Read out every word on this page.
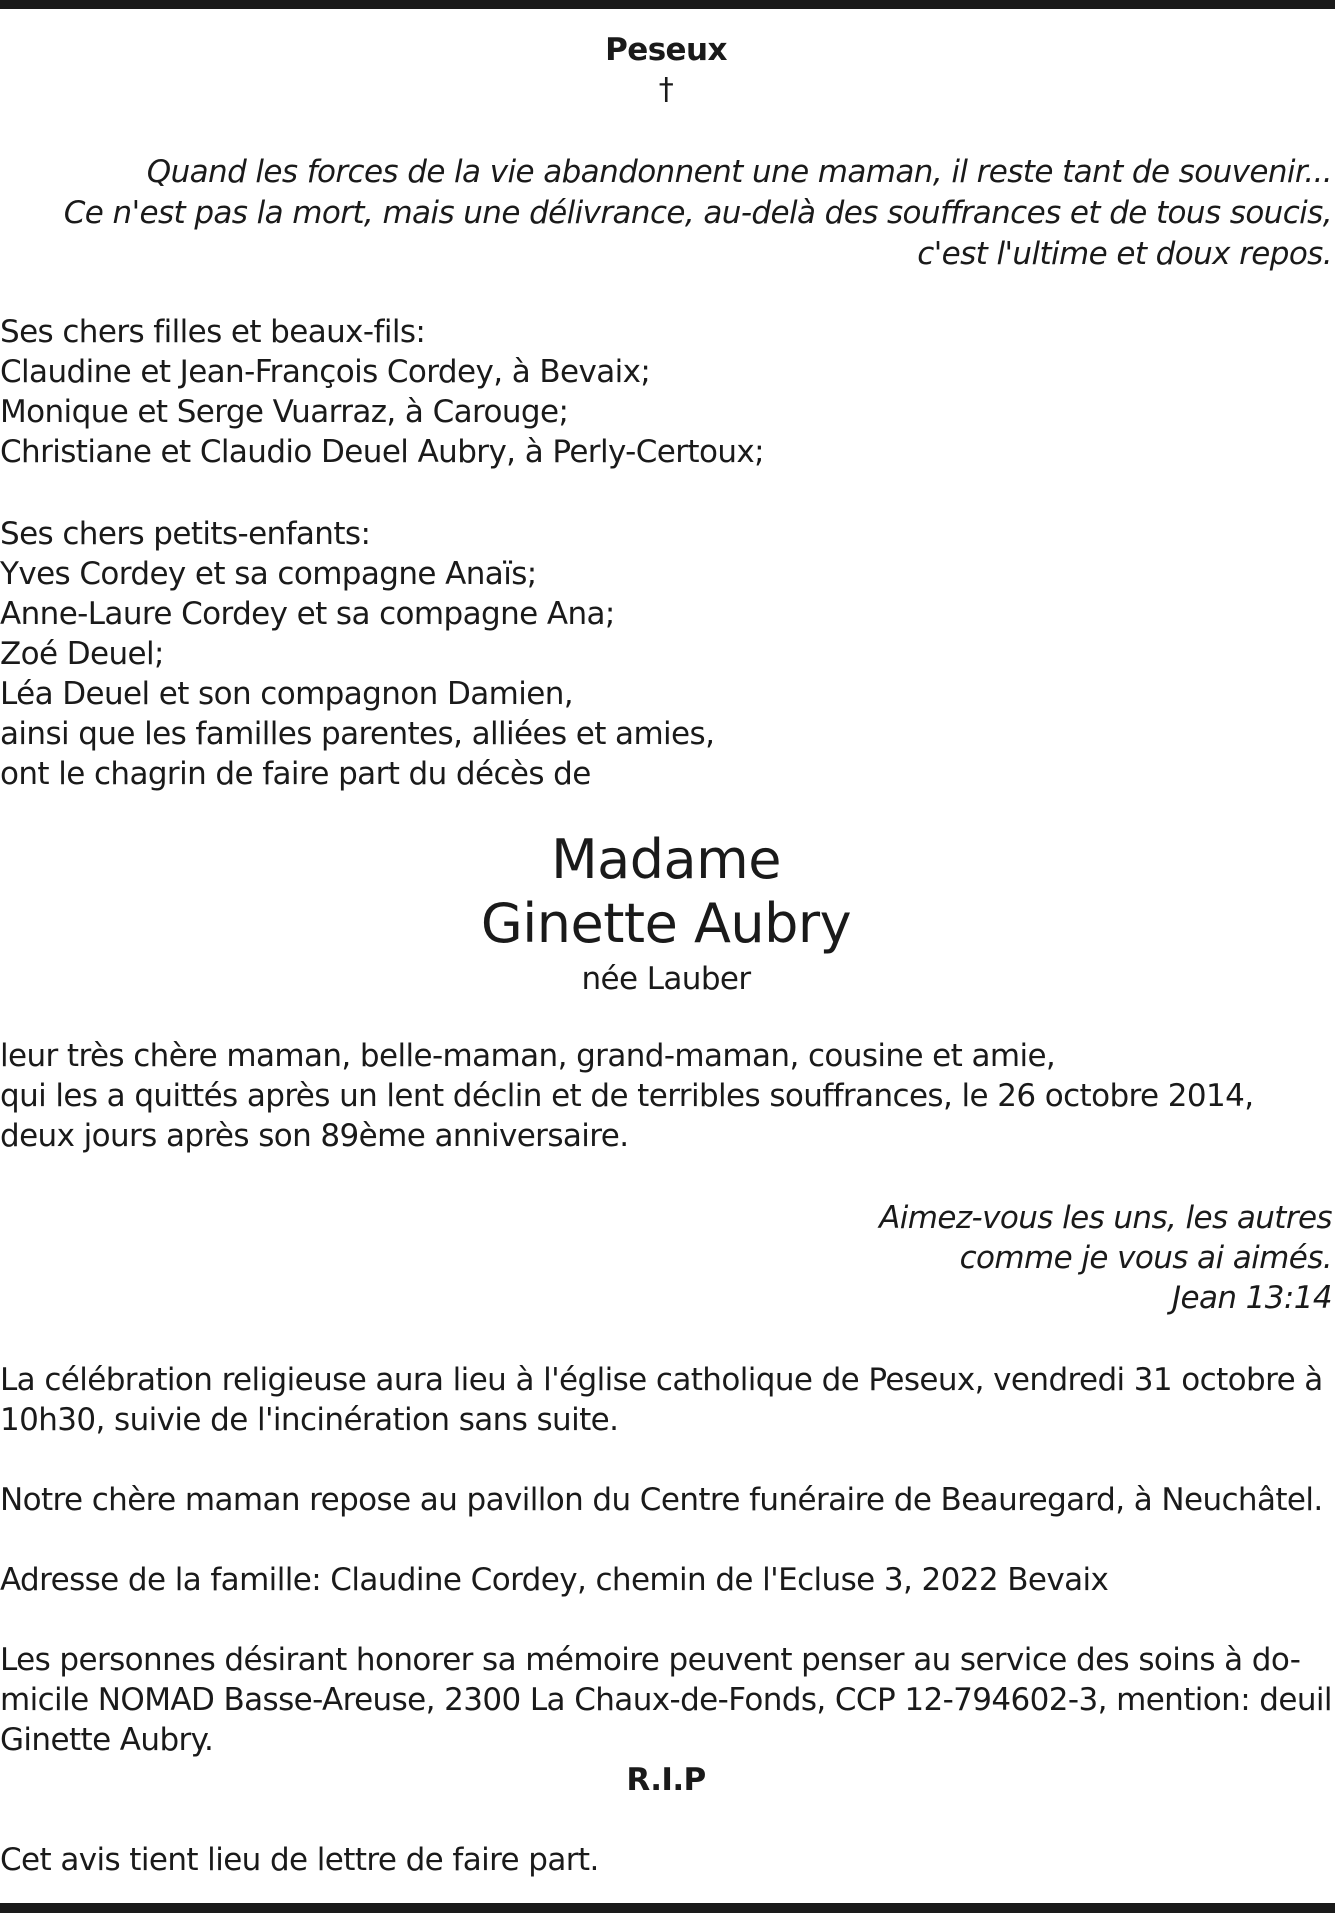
Peseux
†
Quand les forces de la vie abandonnent une maman, il reste tant de souvenir...
Ce n'est pas la mort, mais une délivrance, au-delà des souffrances et de tous soucis,
c'est l'ultime et doux repos.
Ses chers filles et beaux-fils:
Claudine et Jean-François Cordey, à Bevaix;
Monique et Serge Vuarraz, à Carouge;
Christiane et Claudio Deuel Aubry, à Perly-Certoux;
Ses chers petits-enfants:
Yves Cordey et sa compagne Anaïs;
Anne-Laure Cordey et sa compagne Ana;
Zoé Deuel;
Léa Deuel et son compagnon Damien,
ainsi que les familles parentes, alliées et amies,
ont le chagrin de faire part du décès de
Madame
Ginette Aubry
née Lauber
leur très chère maman, belle-maman, grand-maman, cousine et amie,
qui les a quittés après un lent déclin et de terribles souffrances, le 26 octobre 2014,
deux jours après son 89ème anniversaire.
Aimez-vous les uns, les autres
comme je vous ai aimés.
Jean 13:14
La célébration religieuse aura lieu à l'église catholique de Peseux, vendredi 31 octobre à
10h30, suivie de l'incinération sans suite.
Notre chère maman repose au pavillon du Centre funéraire de Beauregard, à Neuchâtel.
Adresse de la famille: Claudine Cordey, chemin de l'Ecluse 3, 2022 Bevaix
Les personnes désirant honorer sa mémoire peuvent penser au service des soins à do-
micile NOMAD Basse-Areuse, 2300 La Chaux-de-Fonds, CCP 12-794602-3, mention: deuil
Ginette Aubry.
R.I.P
Cet avis tient lieu de lettre de faire part.
